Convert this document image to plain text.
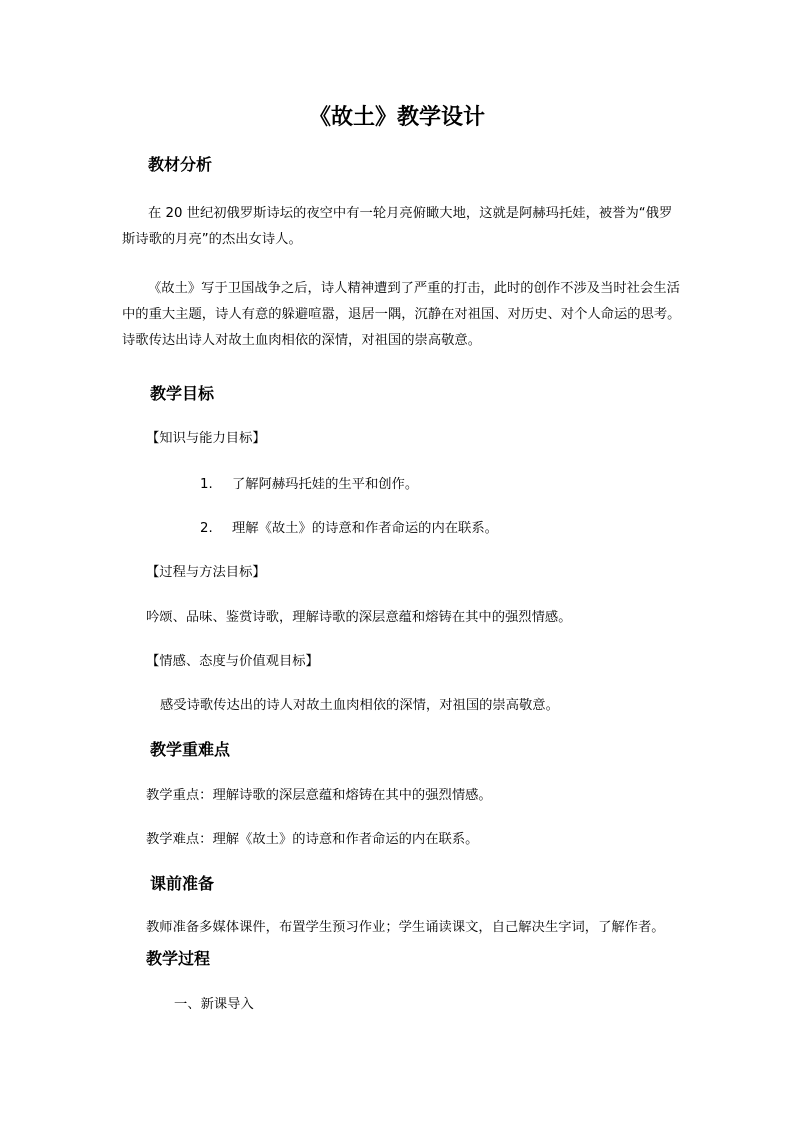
《故土》教学设计
教材分析
在 20 世纪初俄罗斯诗坛的夜空中有一轮月亮俯瞰大地，这就是阿赫玛托娃，被誉为“俄罗斯诗歌的月亮”的杰出女诗人。
《故土》写于卫国战争之后，诗人精神遭到了严重的打击，此时的创作不涉及当时社会生活中的重大主题，诗人有意的躲避喧嚣，退居一隅，沉静在对祖国、对历史、对个人命运的思考。诗歌传达出诗人对故土血肉相依的深情，对祖国的崇高敬意。
教学目标
【知识与能力目标】
1. 了解阿赫玛托娃的生平和创作。
2. 理解《故土》的诗意和作者命运的内在联系。
【过程与方法目标】
吟颂、品味、鉴赏诗歌，理解诗歌的深层意蕴和熔铸在其中的强烈情感。
【情感、态度与价值观目标】
感受诗歌传达出的诗人对故土血肉相依的深情，对祖国的崇高敬意。
教学重难点
教学重点：理解诗歌的深层意蕴和熔铸在其中的强烈情感。
教学难点：理解《故土》的诗意和作者命运的内在联系。
课前准备
教师准备多媒体课件，布置学生预习作业；学生诵读课文，自己解决生字词，了解作者。
教学过程
一、新课导入
